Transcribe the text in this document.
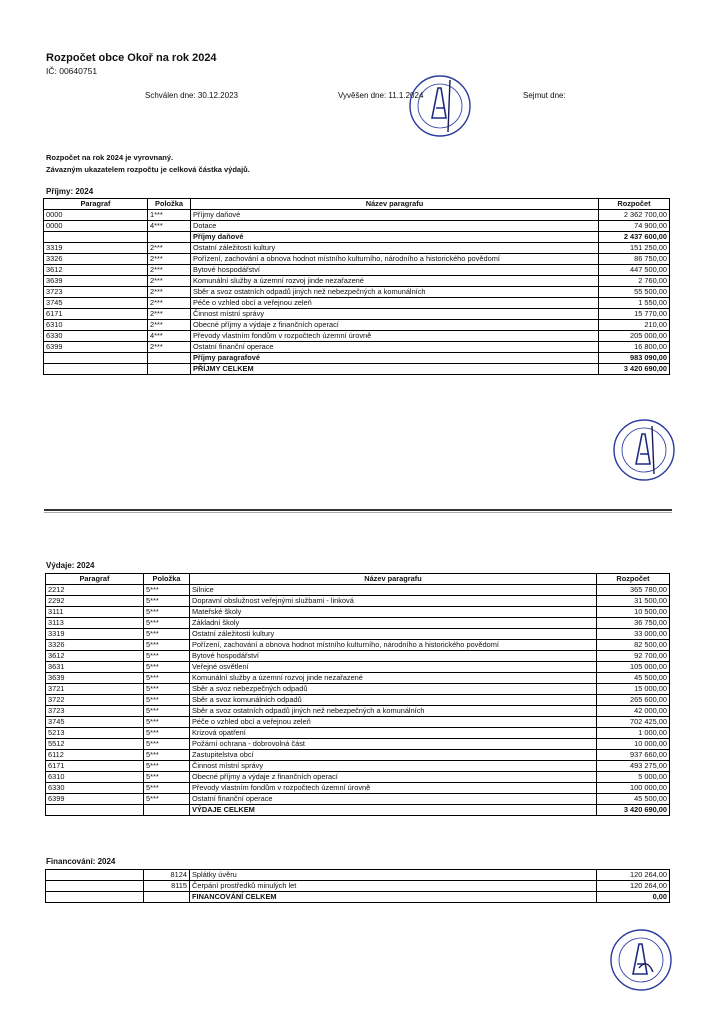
Rozpočet obce Okoř na rok 2024
IČ: 00640751
Schválen dne: 30.12.2023	Vyvěšen dne: 11.1.2024	Sejmut dne:
Rozpočet na rok 2024 je vyrovnaný.
Závazným ukazatelem rozpočtu je celková částka výdajů.
Příjmy: 2024
Paragraf	Položka	Název paragrafu	Rozpočet
0000	1***	Příjmy daňové	2 362 700,00
0000	4***	Dotace	74 900,00
		Příjmy daňové	2 437 600,00
3319	2***	Ostatní záležitosti kultury	151 250,00
3326	2***	Pořízení, zachování a obnova hodnot místního kulturního, národního a historického povědomí	86 750,00
3612	2***	Bytové hospodářství	447 500,00
3639	2***	Komunální služby a územní rozvoj jinde nezařazené	2 760,00
3723	2***	Sběr a svoz ostatních odpadů jiných než nebezpečných a komunálních	55 500,00
3745	2***	Péče o vzhled obcí a veřejnou zeleň	1 550,00
6171	2***	Činnost místní správy	15 770,00
6310	2***	Obecné příjmy a výdaje z finančních operací	210,00
6330	4***	Převody vlastním fondům v rozpočtech územní úrovně	205 000,00
6399	2***	Ostatní finanční operace	16 800,00
		Příjmy paragrafové	983 090,00
		PŘÍJMY CELKEM	3 420 690,00
Výdaje: 2024
Paragraf	Položka	Název paragrafu	Rozpočet
2212	5***	Silnice	365 780,00
2292	5***	Dopravní obslužnost veřejnými službami - linková	31 500,00
3111	5***	Mateřské školy	10 500,00
3113	5***	Základní školy	36 750,00
3319	5***	Ostatní záležitosti kultury	33 000,00
3326	5***	Pořízení, zachování a obnova hodnot místního kulturního, národního a historického povědomí	82 500,00
3612	5***	Bytové hospodářství	92 700,00
3631	5***	Veřejné osvětlení	105 000,00
3639	5***	Komunální služby a územní rozvoj jinde nezařazené	45 500,00
3721	5***	Sběr a svoz nebezpečných odpadů	15 000,00
3722	5***	Sběr a svoz komunálních odpadů	265 600,00
3723	5***	Sběr a svoz ostatních odpadů jiných než nebezpečných a komunálních	42 000,00
3745	5***	Péče o vzhled obcí a veřejnou zeleň	702 425,00
5213	5***	Krizová opatření	1 000,00
5512	5***	Požární ochrana - dobrovolná část	10 000,00
6112	5***	Zastupitelstva obcí	937 660,00
6171	5***	Činnost místní správy	493 275,00
6310	5***	Obecné příjmy a výdaje z finančních operací	5 000,00
6330	5***	Převody vlastním fondům v rozpočtech územní úrovně	100 000,00
6399	5***	Ostatní finanční operace	45 500,00
		VÝDAJE CELKEM	3 420 690,00
Financování: 2024
	8124	Splátky úvěru	120 264,00
	8115	Čerpání prostředků minulých let	120 264,00
		FINANCOVÁNÍ CELKEM	0,00
